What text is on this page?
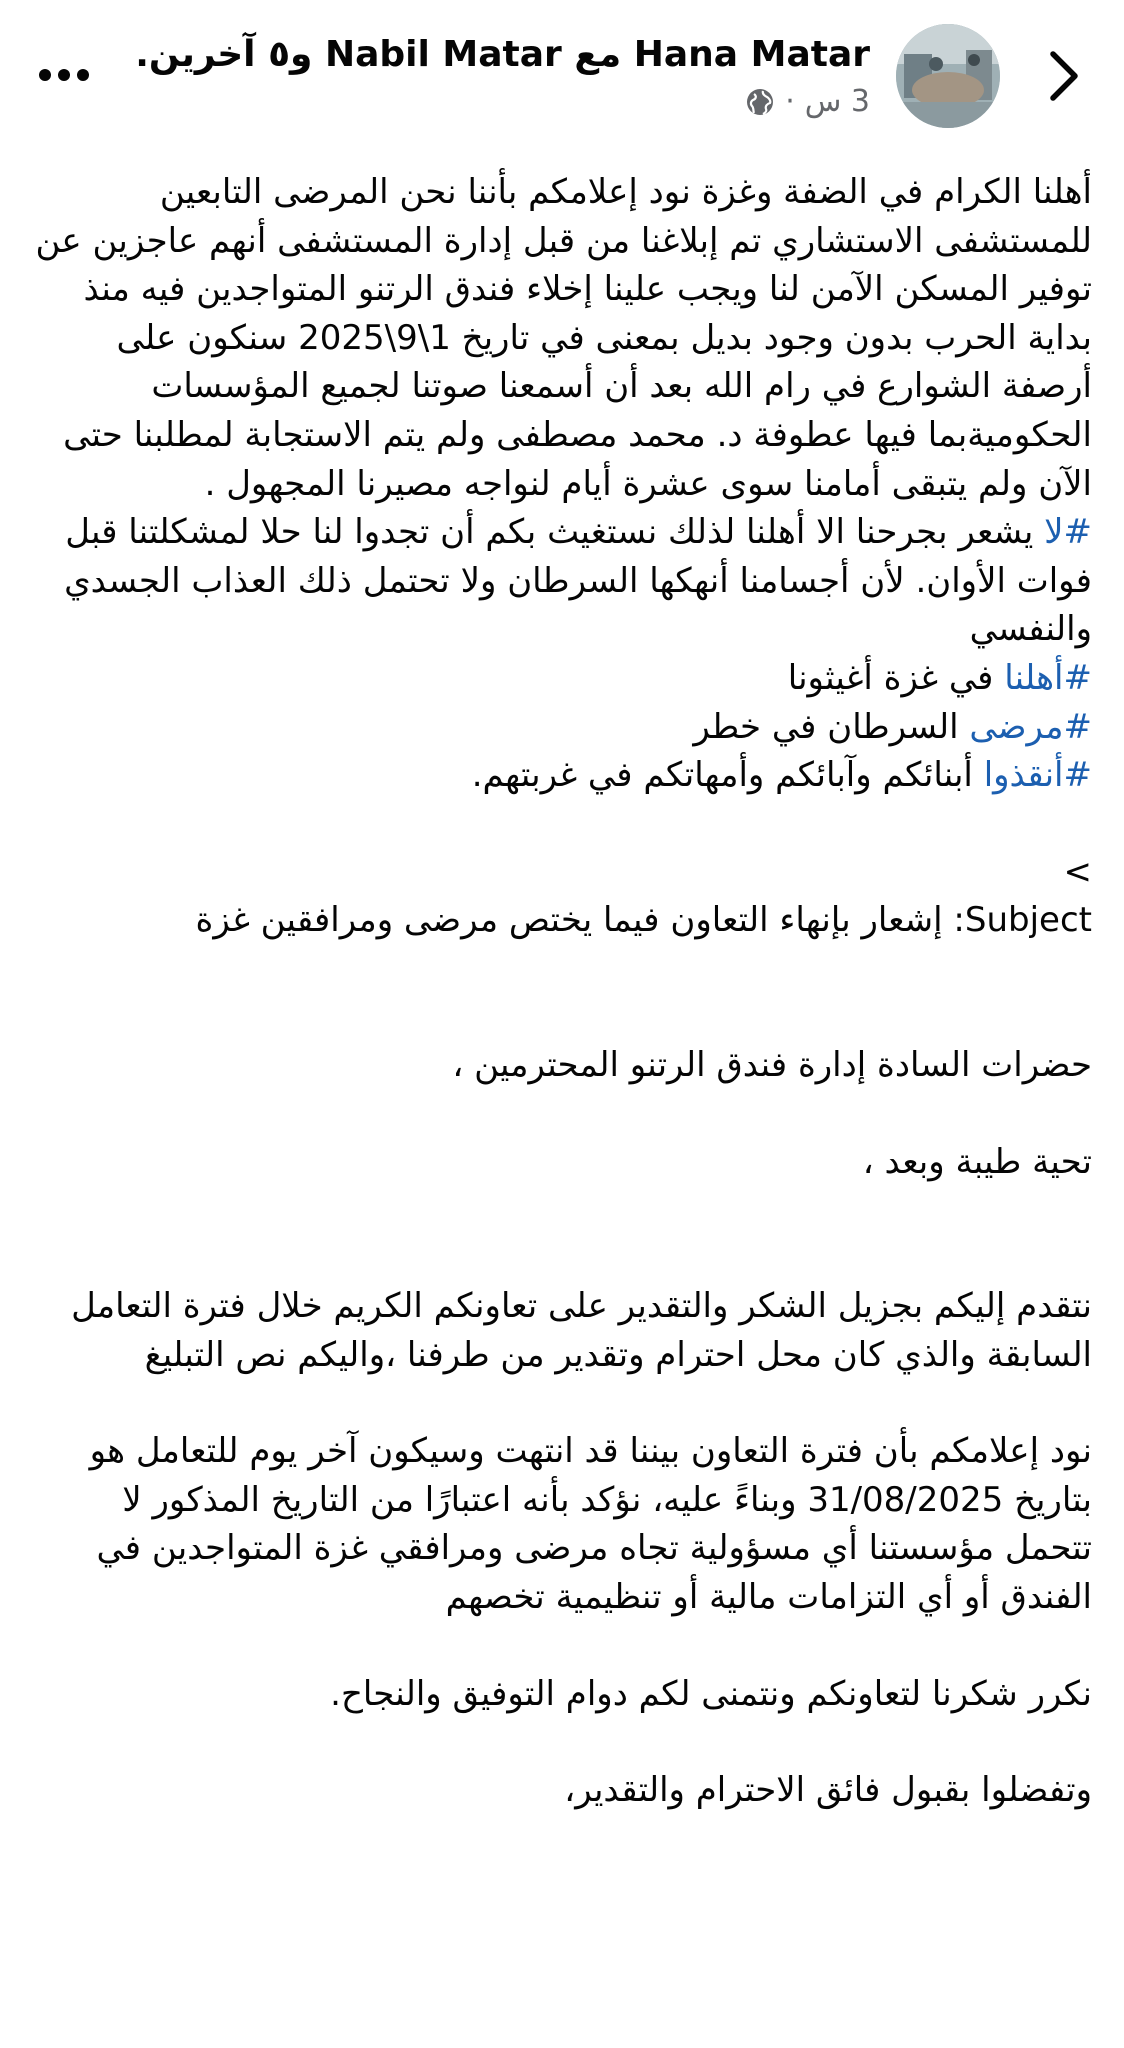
Hana Matar مع Nabil Matar و٥ آخرين.
3 س
·

أهلنا الكرام في الضفة وغزة نود إعلامكم بأننا نحن المرضى التابعين للمستشفى الاستشاري تم إبلاغنا من قبل إدارة المستشفى أنهم عاجزين عن توفير المسكن الآمن لنا ويجب علينا إخلاء فندق الرتنو المتواجدين فيه منذ بداية الحرب بدون وجود بديل بمعنى في تاريخ 1\9\2025 سنكون على أرصفة الشوارع في رام الله بعد أن أسمعنا صوتنا لجميع المؤسسات الحكوميةبما فيها عطوفة د. محمد مصطفى ولم يتم الاستجابة لمطلبنا حتى الآن ولم يتبقى أمامنا سوى عشرة أيام لنواجه مصيرنا المجهول .

#لا يشعر بجرحنا الا أهلنا لذلك نستغيث بكم أن تجدوا لنا حلا لمشكلتنا قبل فوات الأوان. لأن أجسامنا أنهكها السرطان ولا تحتمل ذلك العذاب الجسدي والنفسي

#أهلنا في غزة أغيثونا

#مرضى السرطان في خطر

#أنقذوا أبنائكم وآبائكم وأمهاتكم في غربتهم.

>

Subject: إشعار بإنهاء التعاون فيما يختص مرضى ومرافقين غزة

حضرات السادة إدارة فندق الرتنو المحترمين ،

تحية طيبة وبعد ،

نتقدم إليكم بجزيل الشكر والتقدير على تعاونكم الكريم خلال فترة التعامل السابقة والذي كان محل احترام وتقدير من طرفنا ،واليكم نص التبليغ

نود إعلامكم بأن فترة التعاون بيننا قد انتهت وسيكون آخر يوم للتعامل هو بتاريخ 31/08/2025 وبناءً عليه، نؤكد بأنه اعتبارًا من التاريخ المذكور لا تتحمل مؤسستنا أي مسؤولية تجاه مرضى ومرافقي غزة المتواجدين في الفندق أو أي التزامات مالية أو تنظيمية تخصهم

نكرر شكرنا لتعاونكم ونتمنى لكم دوام التوفيق والنجاح.

وتفضلوا بقبول فائق الاحترام والتقدير،
